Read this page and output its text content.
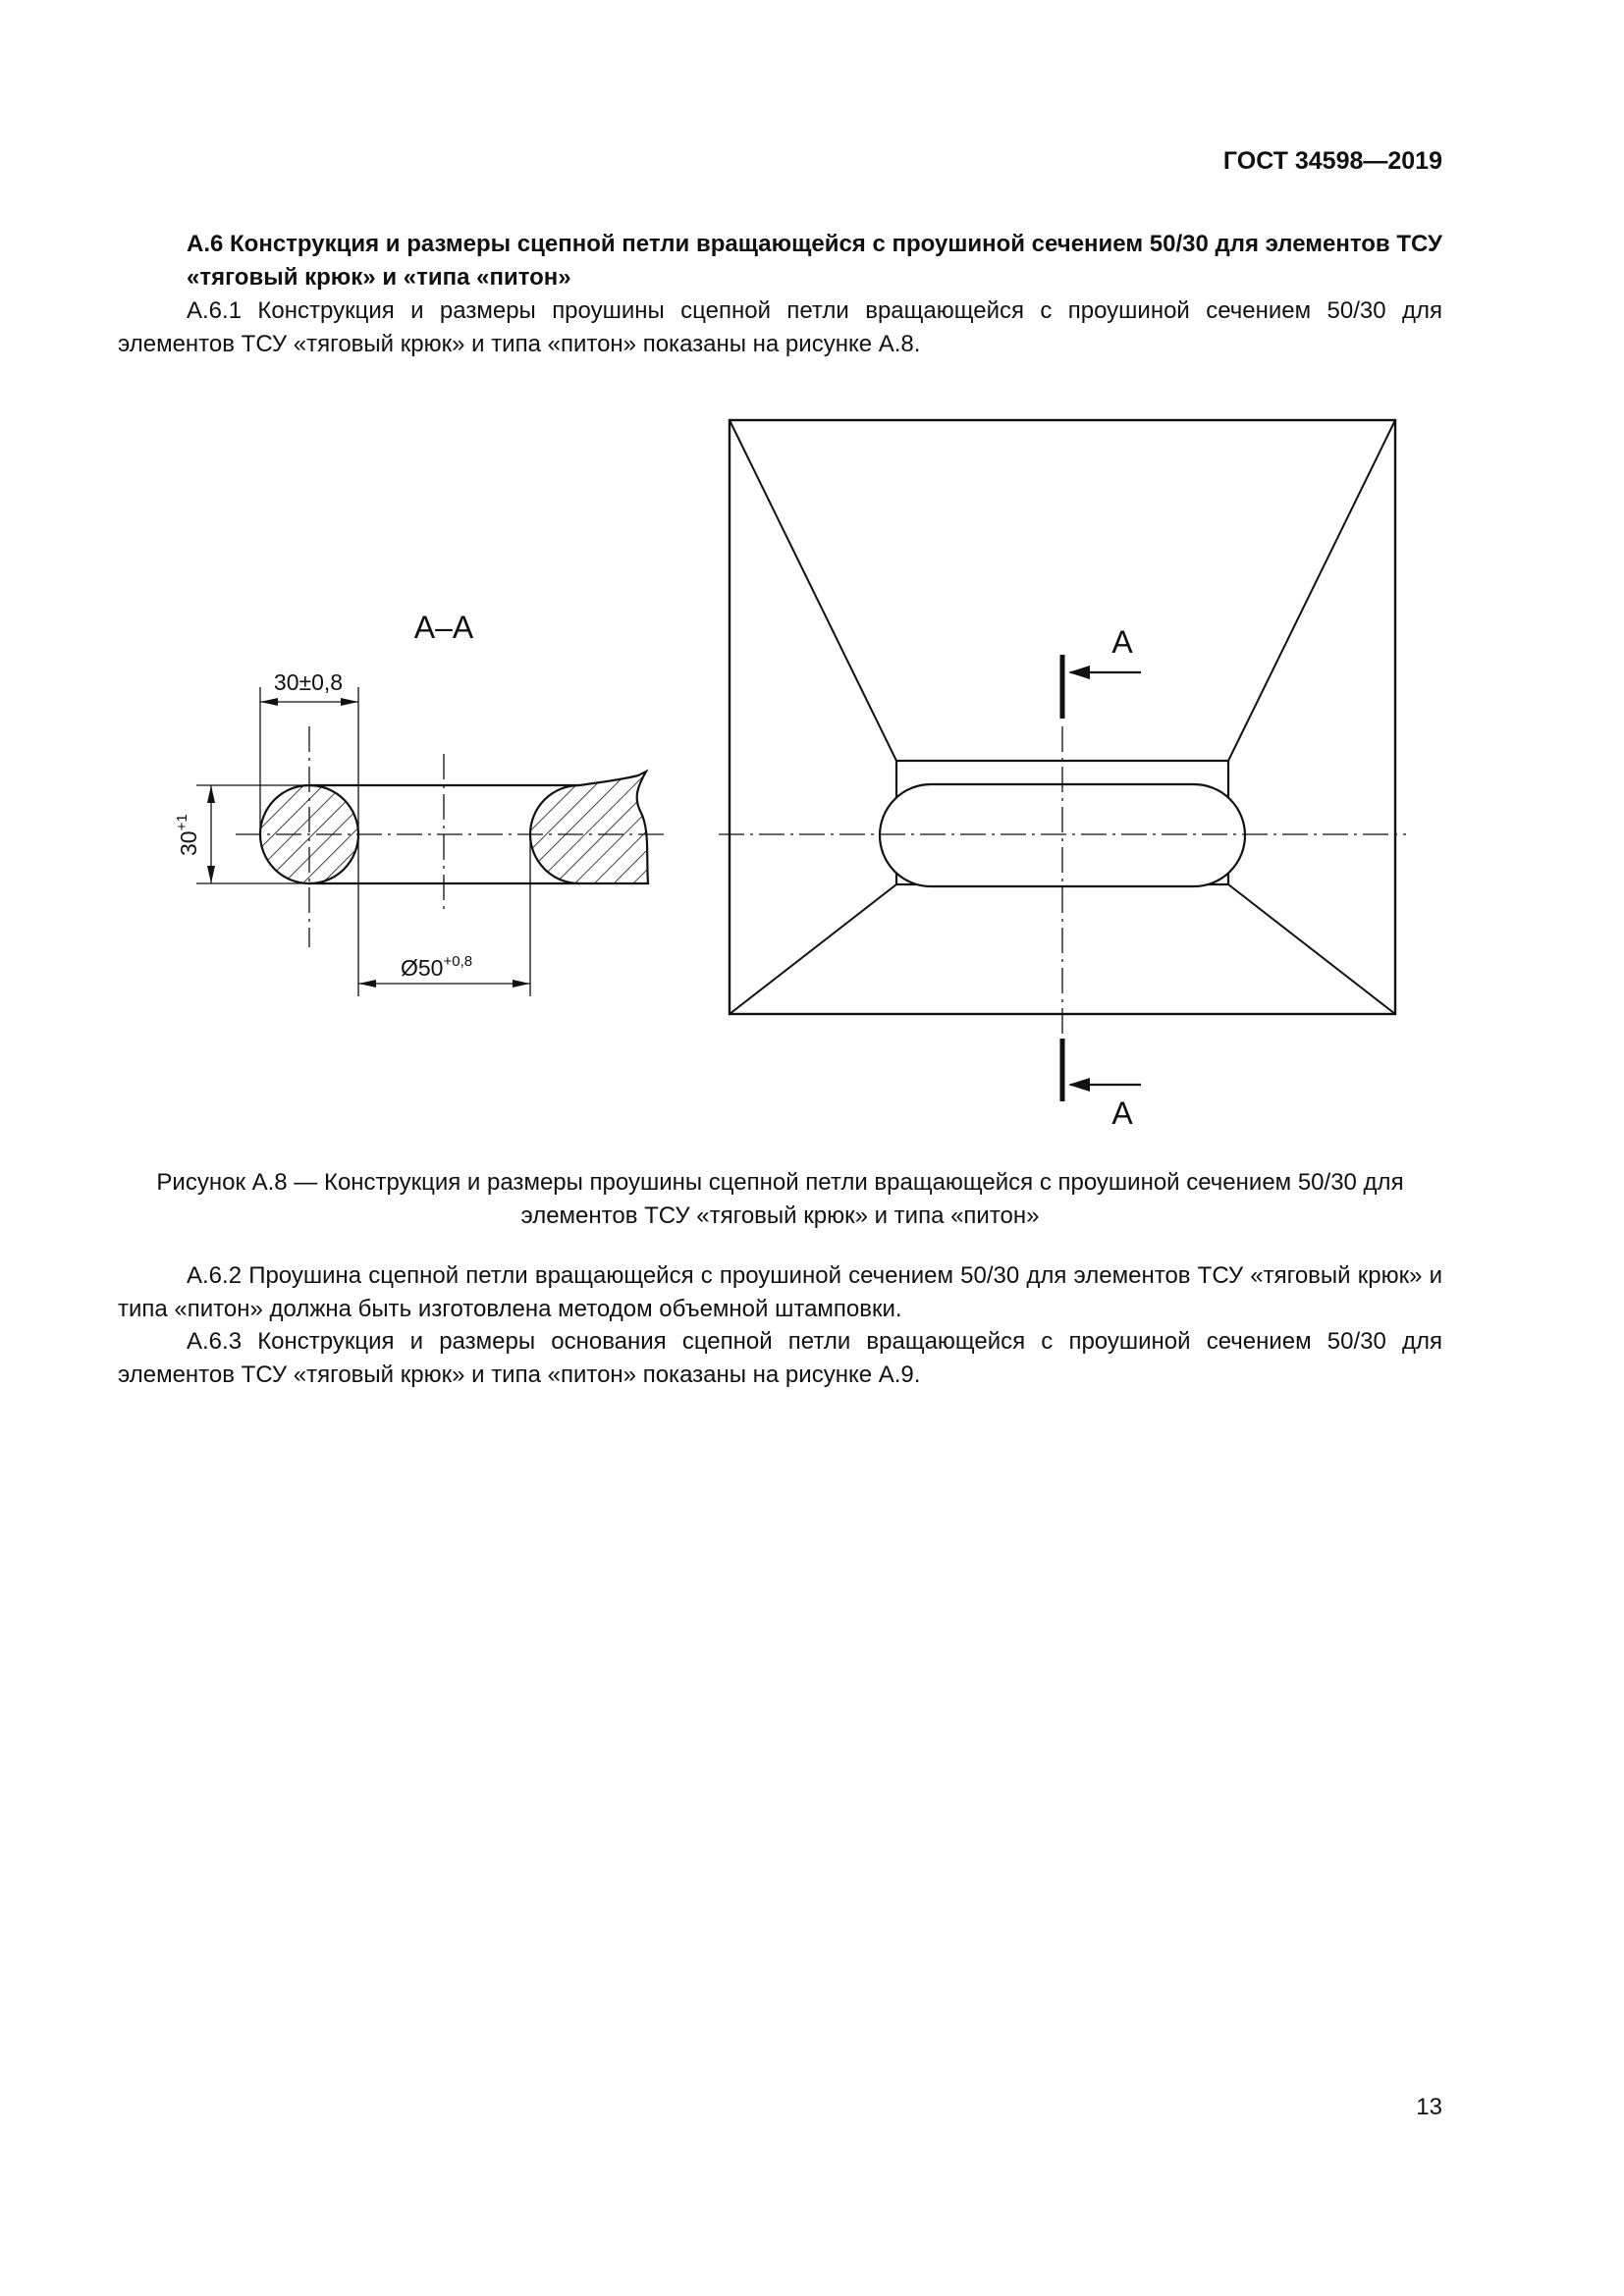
ГОСТ 34598—2019
А.6 Конструкция и размеры сцепной петли вращающейся с проушиной сечением 50/30 для элементов ТСУ «тяговый крюк» и «типа «питон»
А.6.1 Конструкция и размеры проушины сцепной петли вращающейся с проушиной сечением 50/30 для элементов ТСУ «тяговый крюк» и типа «питон» показаны на рисунке А.8.
А–А
30±0,8
$30^{+1}$
$Ø50^{+0,8}$
А
А
Рисунок А.8 — Конструкция и размеры проушины сцепной петли вращающейся с проушиной сечением 50/30 для элементов ТСУ «тяговый крюк» и типа «питон»
А.6.2 Проушина сцепной петли вращающейся с проушиной сечением 50/30 для элементов ТСУ «тяговый крюк» и типа «питон» должна быть изготовлена методом объемной штамповки.
А.6.3 Конструкция и размеры основания сцепной петли вращающейся с проушиной сечением 50/30 для элементов ТСУ «тяговый крюк» и типа «питон» показаны на рисунке А.9.
13
